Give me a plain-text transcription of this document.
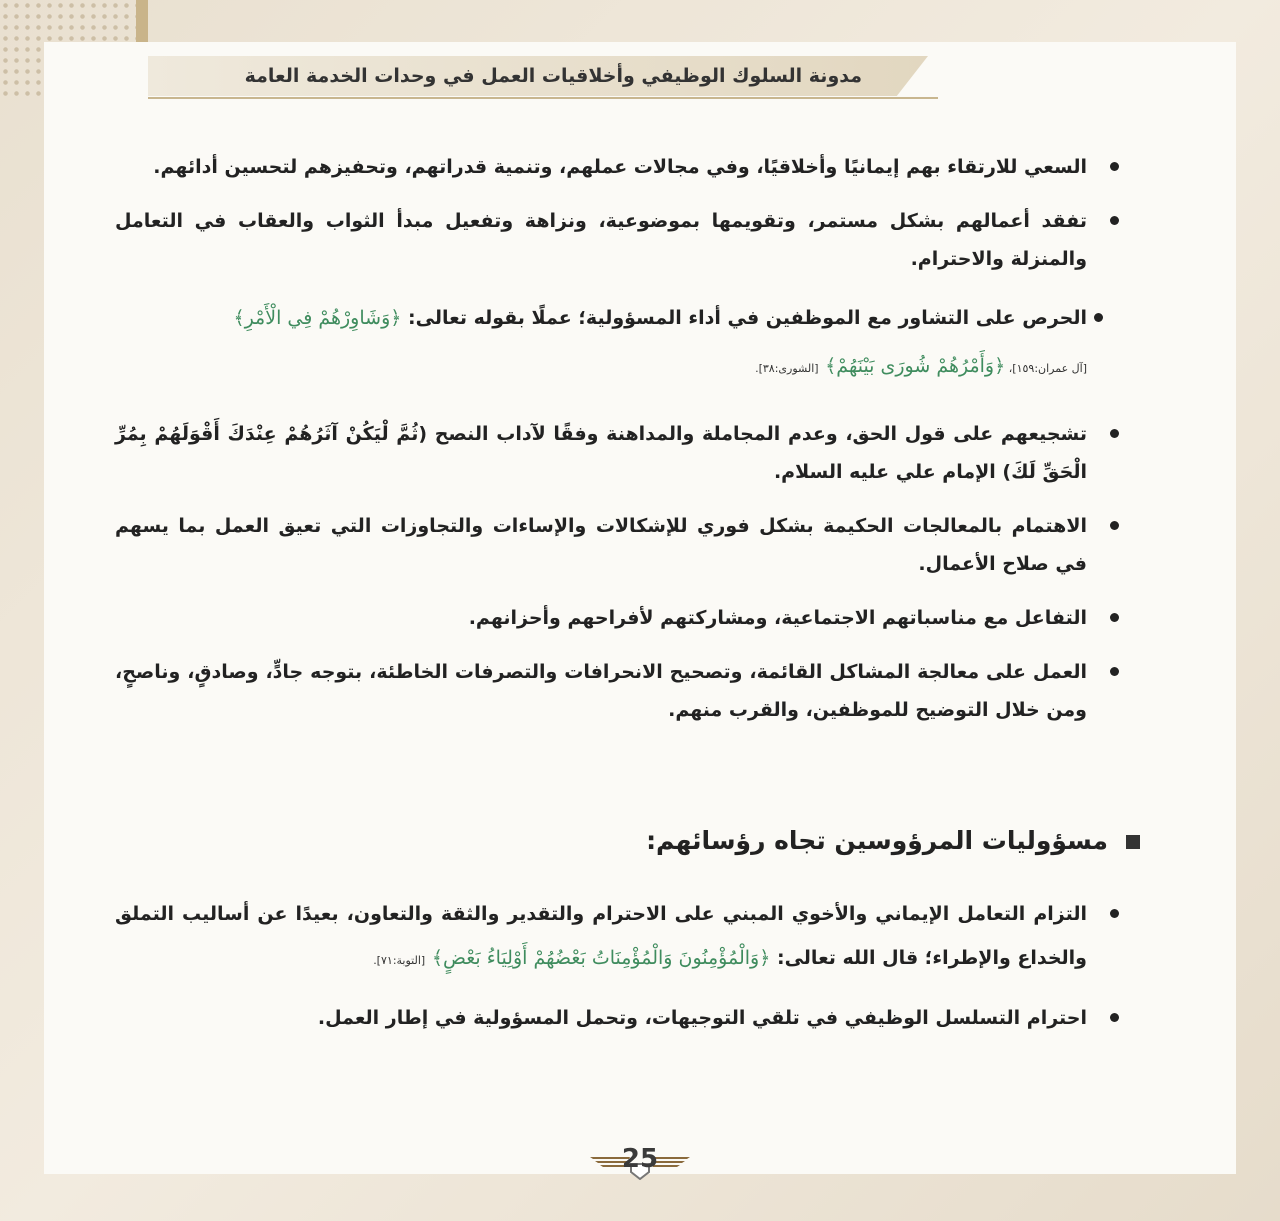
مدونة السلوك الوظيفي وأخلاقيات العمل في وحدات الخدمة العامة
السعي للارتقاء بهم إيمانيًا وأخلاقيًا، وفي مجالات عملهم، وتنمية قدراتهم، وتحفيزهم لتحسين أدائهم.
تفقد أعمالهم بشكل مستمر، وتقويمها بموضوعية، ونزاهة وتفعيل مبدأ الثواب والعقاب في التعامل والمنزلة والاحترام.
الحرص على التشاور مع الموظفين في أداء المسؤولية؛ عملًا بقوله تعالى: ﴿وَشَاوِرْهُمْ فِي الْأَمْرِ﴾
[آل عمران:١٥٩]، ﴿وَأَمْرُهُمْ شُورَى بَيْنَهُمْ﴾ [الشورى:٣٨].
تشجيعهم على قول الحق، وعدم المجاملة والمداهنة وفقًا لآداب النصح (ثُمَّ لْيَكُنْ آثَرُهُمْ عِنْدَكَ أَقْوَلَهُمْ بِمُرِّ الْحَقِّ لَكَ) الإمام علي عليه السلام.
الاهتمام بالمعالجات الحكيمة بشكل فوري للإشكالات والإساءات والتجاوزات التي تعيق العمل بما يسهم في صلاح الأعمال.
التفاعل مع مناسباتهم الاجتماعية، ومشاركتهم لأفراحهم وأحزانهم.
العمل على معالجة المشاكل القائمة، وتصحيح الانحرافات والتصرفات الخاطئة، بتوجه جادٍّ، وصادقٍ، وناصحٍ، ومن خلال التوضيح للموظفين، والقرب منهم.
مسؤوليات المرؤوسين تجاه رؤسائهم:
التزام التعامل الإيماني والأخوي المبني على الاحترام والتقدير والثقة والتعاون، بعيدًا عن أساليب التملق والخداع والإطراء؛ قال الله تعالى: ﴿وَالْمُؤْمِنُونَ وَالْمُؤْمِنَاتُ بَعْضُهُمْ أَوْلِيَاءُ بَعْضٍ﴾ [التوبة:٧١].
احترام التسلسل الوظيفي في تلقي التوجيهات، وتحمل المسؤولية في إطار العمل.
25
